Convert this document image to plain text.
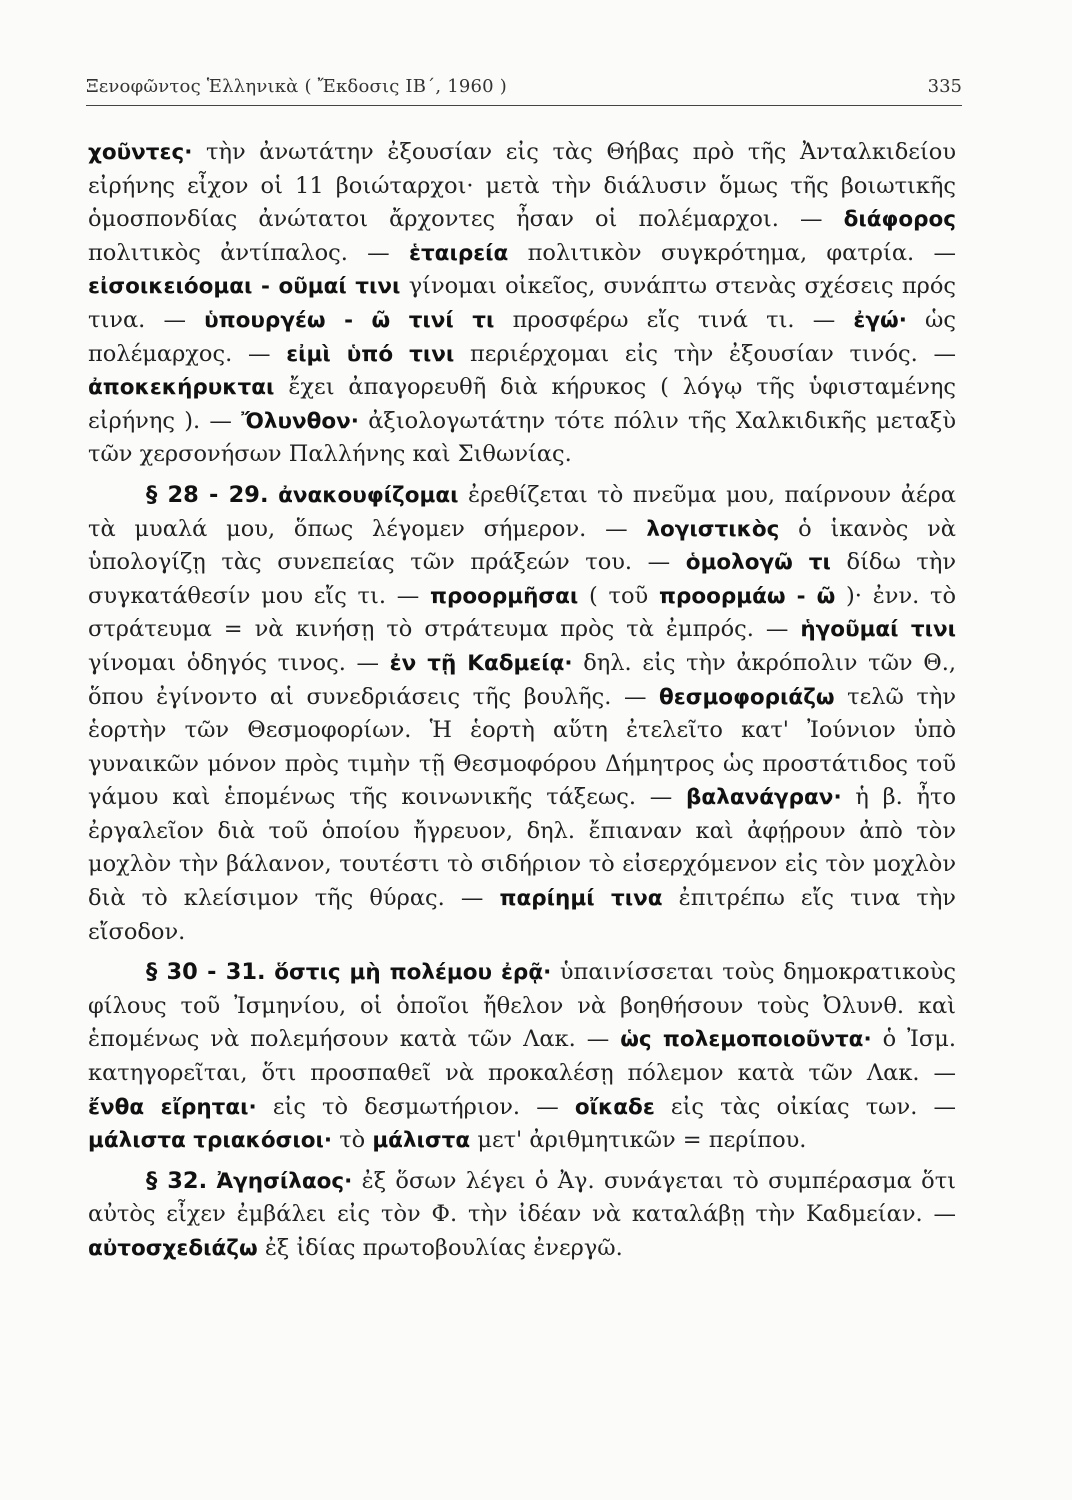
Ξενοφῶντος Ἑλληνικὰ ( Ἔκδοσις ΙΒ΄, 1960 )	335

χοῦντες· τὴν ἀνωτάτην ἐξουσίαν εἰς τὰς Θήβας πρὸ τῆς Ἀνταλκιδείου εἰρήνης εἶχον οἱ 11 βοιώταρχοι· μετὰ τὴν διάλυσιν ὅμως τῆς βοιωτικῆς ὁμοσπονδίας ἀνώτατοι ἄρχοντες ἦσαν οἱ πολέμαρχοι. — διάφορος πολιτικὸς ἀντίπαλος. — ἑταιρεία πολιτικὸν συγκρότημα, φατρία. — εἰσοικειόομαι - οῦμαί τινι γίνομαι οἰκεῖος, συνάπτω στενὰς σχέσεις πρός τινα. — ὑπουργέω - ῶ τινί τι προσφέρω εἴς τινά τι. — ἐγώ· ὡς πολέμαρχος. — εἰμὶ ὑπό τινι περιέρχομαι εἰς τὴν ἐξουσίαν τινός. — ἀποκεκήρυκται ἔχει ἀπαγορευθῆ διὰ κήρυκος ( λόγῳ τῆς ὑφισταμένης εἰρήνης ). — Ὄλυνθον· ἀξιολογωτάτην τότε πόλιν τῆς Χαλκιδικῆς μεταξὺ τῶν χερσονήσων Παλλήνης καὶ Σιθωνίας.

§ 28 - 29. ἀνακουφίζομαι ἐρεθίζεται τὸ πνεῦμα μου, παίρνουν ἀέρα τὰ μυαλά μου, ὅπως λέγομεν σήμερον. — λογιστικὸς ὁ ἱκανὸς νὰ ὑπολογίζῃ τὰς συνεπείας τῶν πράξεών του. — ὁμολογῶ τι δίδω τὴν συγκατάθεσίν μου εἴς τι. — προορμῆσαι ( τοῦ προορμάω - ῶ )· ἐνν. τὸ στράτευμα = νὰ κινήσῃ τὸ στράτευμα πρὸς τὰ ἐμπρός. — ἡγοῦμαί τινι γίνομαι ὁδηγός τινος. — ἐν τῇ Καδμείᾳ· δηλ. εἰς τὴν ἀκρόπολιν τῶν Θ., ὅπου ἐγίνοντο αἱ συνεδριάσεις τῆς βουλῆς. — θεσμοφοριάζω τελῶ τὴν ἑορτὴν τῶν Θεσμοφορίων. Ἡ ἑορτὴ αὕτη ἐτελεῖτο κατ' Ἰούνιον ὑπὸ γυναικῶν μόνον πρὸς τιμὴν τῇ Θεσμοφόρου Δήμητρος ὡς προστάτιδος τοῦ γάμου καὶ ἑπομένως τῆς κοινωνικῆς τάξεως. — βαλανάγραν· ἡ β. ἦτο ἐργαλεῖον διὰ τοῦ ὁποίου ἤγρευον, δηλ. ἔπιαναν καὶ ἀφῄρουν ἀπὸ τὸν μοχλὸν τὴν βάλανον, τουτέστι τὸ σιδήριον τὸ εἰσερχόμενον εἰς τὸν μοχλὸν διὰ τὸ κλείσιμον τῆς θύρας. — παρίημί τινα ἐπιτρέπω εἴς τινα τὴν εἴσοδον.

§ 30 - 31. ὅστις μὴ πολέμου ἐρᾷ· ὑπαινίσσεται τοὺς δημοκρατικοὺς φίλους τοῦ Ἰσμηνίου, οἱ ὁποῖοι ἤθελον νὰ βοηθήσουν τοὺς Ὀλυνθ. καὶ ἑπομένως νὰ πολεμήσουν κατὰ τῶν Λακ. — ὡς πολεμοποιοῦντα· ὁ Ἰσμ. κατηγορεῖται, ὅτι προσπαθεῖ νὰ προκαλέσῃ πόλεμον κατὰ τῶν Λακ. — ἔνθα εἴρηται· εἰς τὸ δεσμωτήριον. — οἴκαδε εἰς τὰς οἰκίας των. — μάλιστα τριακόσιοι· τὸ μάλιστα μετ' ἀριθμητικῶν = περίπου.

§ 32. Ἀγησίλαος· ἐξ ὅσων λέγει ὁ Ἀγ. συνάγεται τὸ συμπέρασμα ὅτι αὐτὸς εἶχεν ἐμβάλει εἰς τὸν Φ. τὴν ἰδέαν νὰ καταλάβῃ τὴν Καδμείαν. — αὐτοσχεδιάζω ἐξ ἰδίας πρωτοβουλίας ἐνεργῶ.
